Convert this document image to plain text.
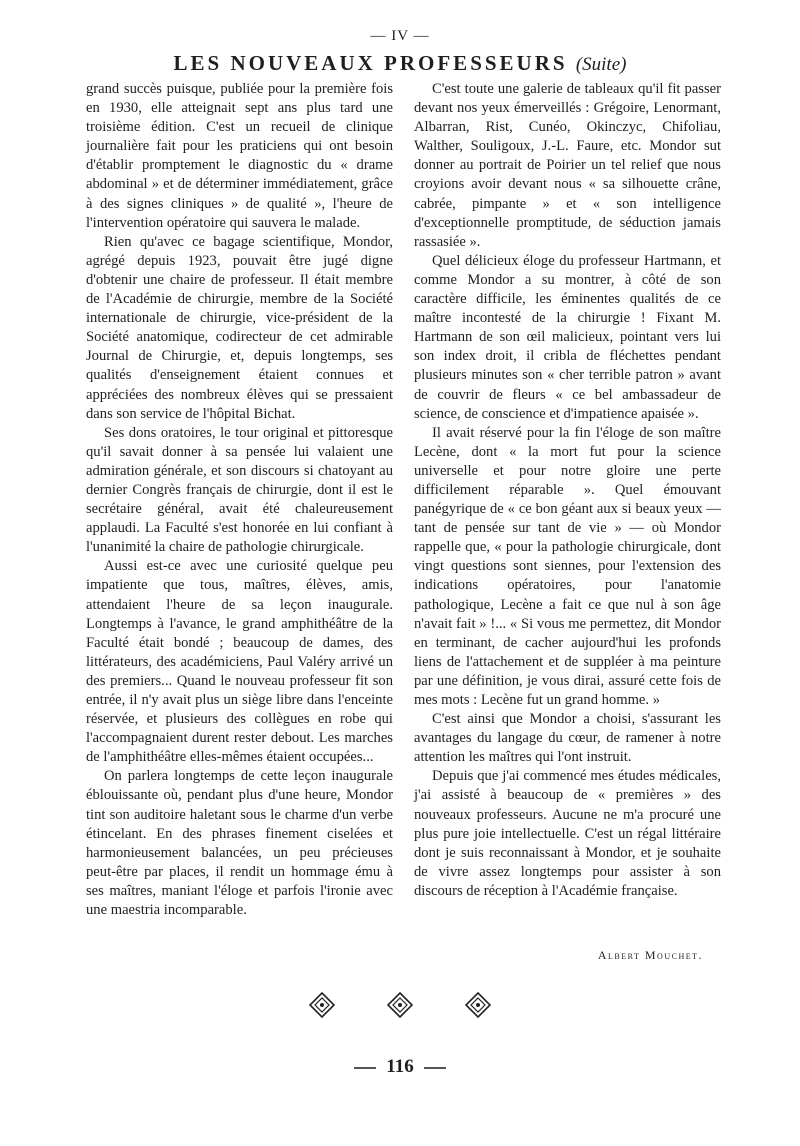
— IV —
LES NOUVEAUX PROFESSEURS (Suite)

grand succès puisque, publiée pour la première fois en 1930, elle atteignait sept ans plus tard une troisième édition. C'est un recueil de clinique journalière fait pour les praticiens qui ont besoin d'établir promptement le diagnostic du « drame abdominal » et de déterminer immédiatement, grâce à des signes cliniques » de qualité », l'heure de l'intervention opératoire qui sauvera le malade.

Rien qu'avec ce bagage scientifique, Mondor, agrégé depuis 1923, pouvait être jugé digne d'obtenir une chaire de professeur. Il était membre de l'Académie de chirurgie, membre de la Société internationale de chirurgie, vice-président de la Société anatomique, codirecteur de cet admirable Journal de Chirurgie, et, depuis longtemps, ses qualités d'enseignement étaient connues et appréciées des nombreux élèves qui se pressaient dans son service de l'hôpital Bichat.

Ses dons oratoires, le tour original et pittoresque qu'il savait donner à sa pensée lui valaient une admiration générale, et son discours si chatoyant au dernier Congrès français de chirurgie, dont il est le secrétaire général, avait été chaleureusement applaudi. La Faculté s'est honorée en lui confiant à l'unanimité la chaire de pathologie chirurgicale.

Aussi est-ce avec une curiosité quelque peu impatiente que tous, maîtres, élèves, amis, attendaient l'heure de sa leçon inaugurale. Longtemps à l'avance, le grand amphithéâtre de la Faculté était bondé ; beaucoup de dames, des littérateurs, des académiciens, Paul Valéry arrivé un des premiers... Quand le nouveau professeur fit son entrée, il n'y avait plus un siège libre dans l'enceinte réservée, et plusieurs des collègues en robe qui l'accompagnaient durent rester debout. Les marches de l'amphithéâtre elles-mêmes étaient occupées...

On parlera longtemps de cette leçon inaugurale éblouissante où, pendant plus d'une heure, Mondor tint son auditoire haletant sous le charme d'un verbe étincelant. En des phrases finement ciselées et harmonieusement balancées, un peu précieuses peut-être par places, il rendit un hommage ému à ses maîtres, maniant l'éloge et parfois l'ironie avec une maestria incomparable.

C'est toute une galerie de tableaux qu'il fit passer devant nos yeux émerveillés : Grégoire, Lenormant, Albarran, Rist, Cunéo, Okinczyc, Chifoliau, Walther, Souligoux, J.-L. Faure, etc. Mondor sut donner au portrait de Poirier un tel relief que nous croyions avoir devant nous « sa silhouette crâne, cabrée, pimpante » et « son intelligence d'exceptionnelle promptitude, de séduction jamais rassasiée ».

Quel délicieux éloge du professeur Hartmann, et comme Mondor a su montrer, à côté de son caractère difficile, les éminentes qualités de ce maître incontesté de la chirurgie ! Fixant M. Hartmann de son œil malicieux, pointant vers lui son index droit, il cribla de fléchettes pendant plusieurs minutes son « cher terrible patron » avant de couvrir de fleurs « ce bel ambassadeur de science, de conscience et d'impatience apaisée ».

Il avait réservé pour la fin l'éloge de son maître Lecène, dont « la mort fut pour la science universelle et pour notre gloire une perte difficilement réparable ». Quel émouvant panégyrique de « ce bon géant aux si beaux yeux — tant de pensée sur tant de vie » — où Mondor rappelle que, « pour la pathologie chirurgicale, dont vingt questions sont siennes, pour l'extension des indications opératoires, pour l'anatomie pathologique, Lecène a fait ce que nul à son âge n'avait fait » !... « Si vous me permettez, dit Mondor en terminant, de cacher aujourd'hui les profonds liens de l'attachement et de suppléer à ma peinture par une définition, je vous dirai, assuré cette fois de mes mots : Lecène fut un grand homme. »

C'est ainsi que Mondor a choisi, s'assurant les avantages du langage du cœur, de ramener à notre attention les maîtres qui l'ont instruit.

Depuis que j'ai commencé mes études médicales, j'ai assisté à beaucoup de « premières » des nouveaux professeurs. Aucune ne m'a procuré une plus pure joie intellectuelle. C'est un régal littéraire dont je suis reconnaissant à Mondor, et je souhaite de vivre assez longtemps pour assister à son discours de réception à l'Académie française.

Albert Mouchet.
116
